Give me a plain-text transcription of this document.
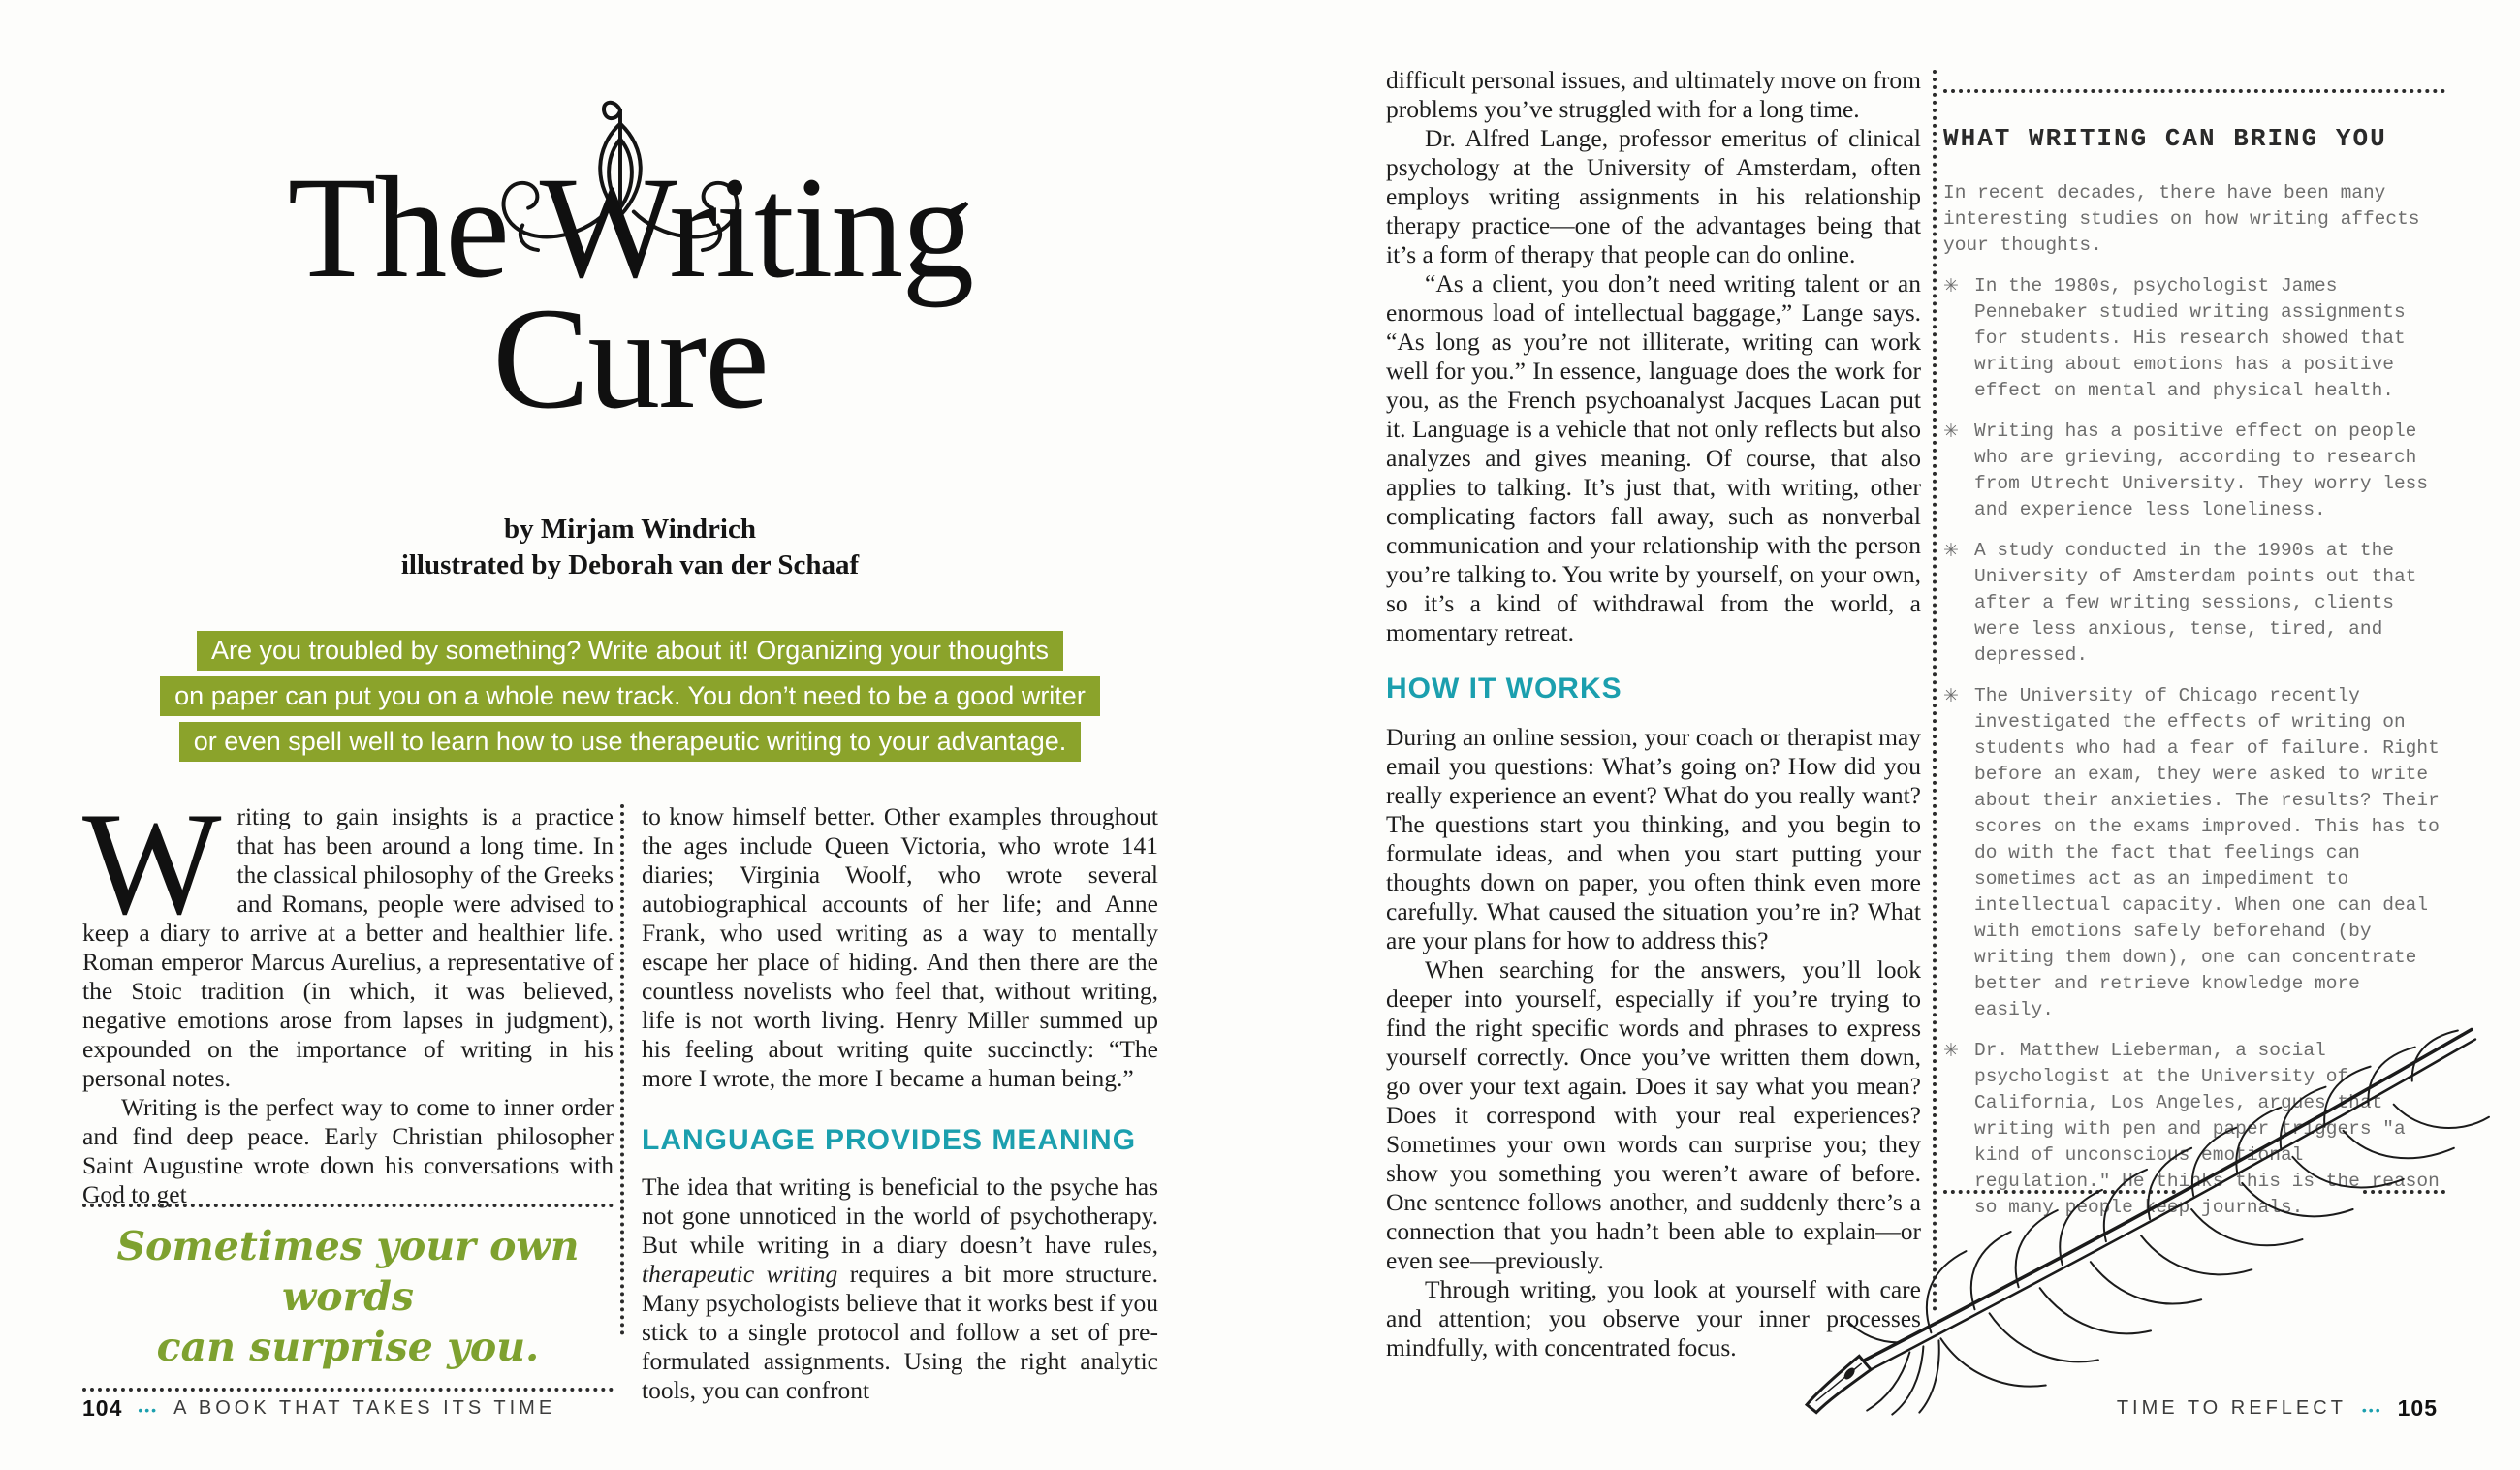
The Writing
Cure
by Mirjam Windrich
illustrated by Deborah van der Schaaf
Are you troubled by something? Write about it! Organizing your thoughts
on paper can put you on a whole new track. You don’t need to be a good writer
or even spell well to learn how to use therapeutic writing to your advantage.

Writing to gain insights is a practice that has been around a long time. In the classical philosophy of the Greeks and Romans, people were advised to keep a diary to arrive at a better and healthier life. Roman emperor Marcus Aurelius, a representative of the Stoic tradition (in which, it was believed, negative emotions arose from lapses in judgment), expounded on the importance of writing in his personal notes.

Writing is the perfect way to come to inner order and find deep peace. Early Christian philosopher Saint Augustine wrote down his conversations with God to get

to know himself better. Other examples throughout the ages include Queen Victoria, who wrote 141 diaries; Virginia Woolf, who wrote several autobiographical accounts of her life; and Anne Frank, who used writing as a way to mentally escape her place of hiding. And then there are the countless novelists who feel that, without writing, life is not worth living. Henry Miller summed up his feeling about writing quite succinctly: “The more I wrote, the more I became a human being.”

LANGUAGE PROVIDES MEANING

The idea that writing is beneficial to the psyche has not gone unnoticed in the world of psychotherapy. But while writing in a diary doesn’t have rules, therapeutic writing requires a bit more structure. Many psychologists believe that it works best if you stick to a single protocol and follow a set of pre-formulated assignments. Using the right analytic tools, you can confront

Sometimes your own words
can surprise you.

104 ••• A BOOK THAT TAKES ITS TIME

difficult personal issues, and ultimately move on from problems you’ve struggled with for a long time.

Dr. Alfred Lange, professor emeritus of clinical psychology at the University of Amsterdam, often employs writing assignments in his relationship therapy practice—one of the advantages being that it’s a form of therapy that people can do online.

“As a client, you don’t need writing talent or an enormous load of intellectual baggage,” Lange says. “As long as you’re not illiterate, writing can work well for you.” In essence, language does the work for you, as the French psychoanalyst Jacques Lacan put it. Language is a vehicle that not only reflects but also analyzes and gives meaning. Of course, that also applies to talking. It’s just that, with writing, other complicating factors fall away, such as nonverbal communication and your relationship with the person you’re talking to. You write by yourself, on your own, so it’s a kind of withdrawal from the world, a momentary retreat.

HOW IT WORKS

During an online session, your coach or therapist may email you questions: What’s going on? How did you really experience an event? What do you really want? The questions start you thinking, and you begin to formulate ideas, and when you start putting your thoughts down on paper, you often think even more carefully. What caused the situation you’re in? What are your plans for how to address this?

When searching for the answers, you’ll look deeper into yourself, especially if you’re trying to find the right specific words and phrases to express yourself correctly. Once you’ve written them down, go over your text again. Does it say what you mean? Does it correspond with your real experiences? Sometimes your own words can surprise you; they show you something you weren’t aware of before. One sentence follows another, and suddenly there’s a connection that you hadn’t been able to explain—or even see—previously.

Through writing, you look at yourself with care and attention; you observe your inner processes mindfully, with concentrated focus.

WHAT WRITING CAN BRING YOU

In recent decades, there have been many interesting studies on how writing affects your thoughts.

✳ In the 1980s, psychologist James Pennebaker studied writing assignments for students. His research showed that writing about emotions has a positive effect on mental and physical health.
✳ Writing has a positive effect on people who are grieving, according to research from Utrecht University. They worry less and experience less loneliness.
✳ A study conducted in the 1990s at the University of Amsterdam points out that after a few writing sessions, clients were less anxious, tense, tired, and depressed.
✳ The University of Chicago recently investigated the effects of writing on students who had a fear of failure. Right before an exam, they were asked to write about their anxieties. The results? Their scores on the exams improved. This has to do with the fact that feelings can sometimes act as an impediment to intellectual capacity. When one can deal with emotions safely beforehand (by writing them down), one can concentrate better and retrieve knowledge more easily.
✳ Dr. Matthew Lieberman, a social psychologist at the University of California, Los Angeles, argues that writing with pen and paper triggers "a kind of unconscious emotional regulation." He thinks this is the reason so many people keep journals.
TIME TO REFLECT ••• 105
